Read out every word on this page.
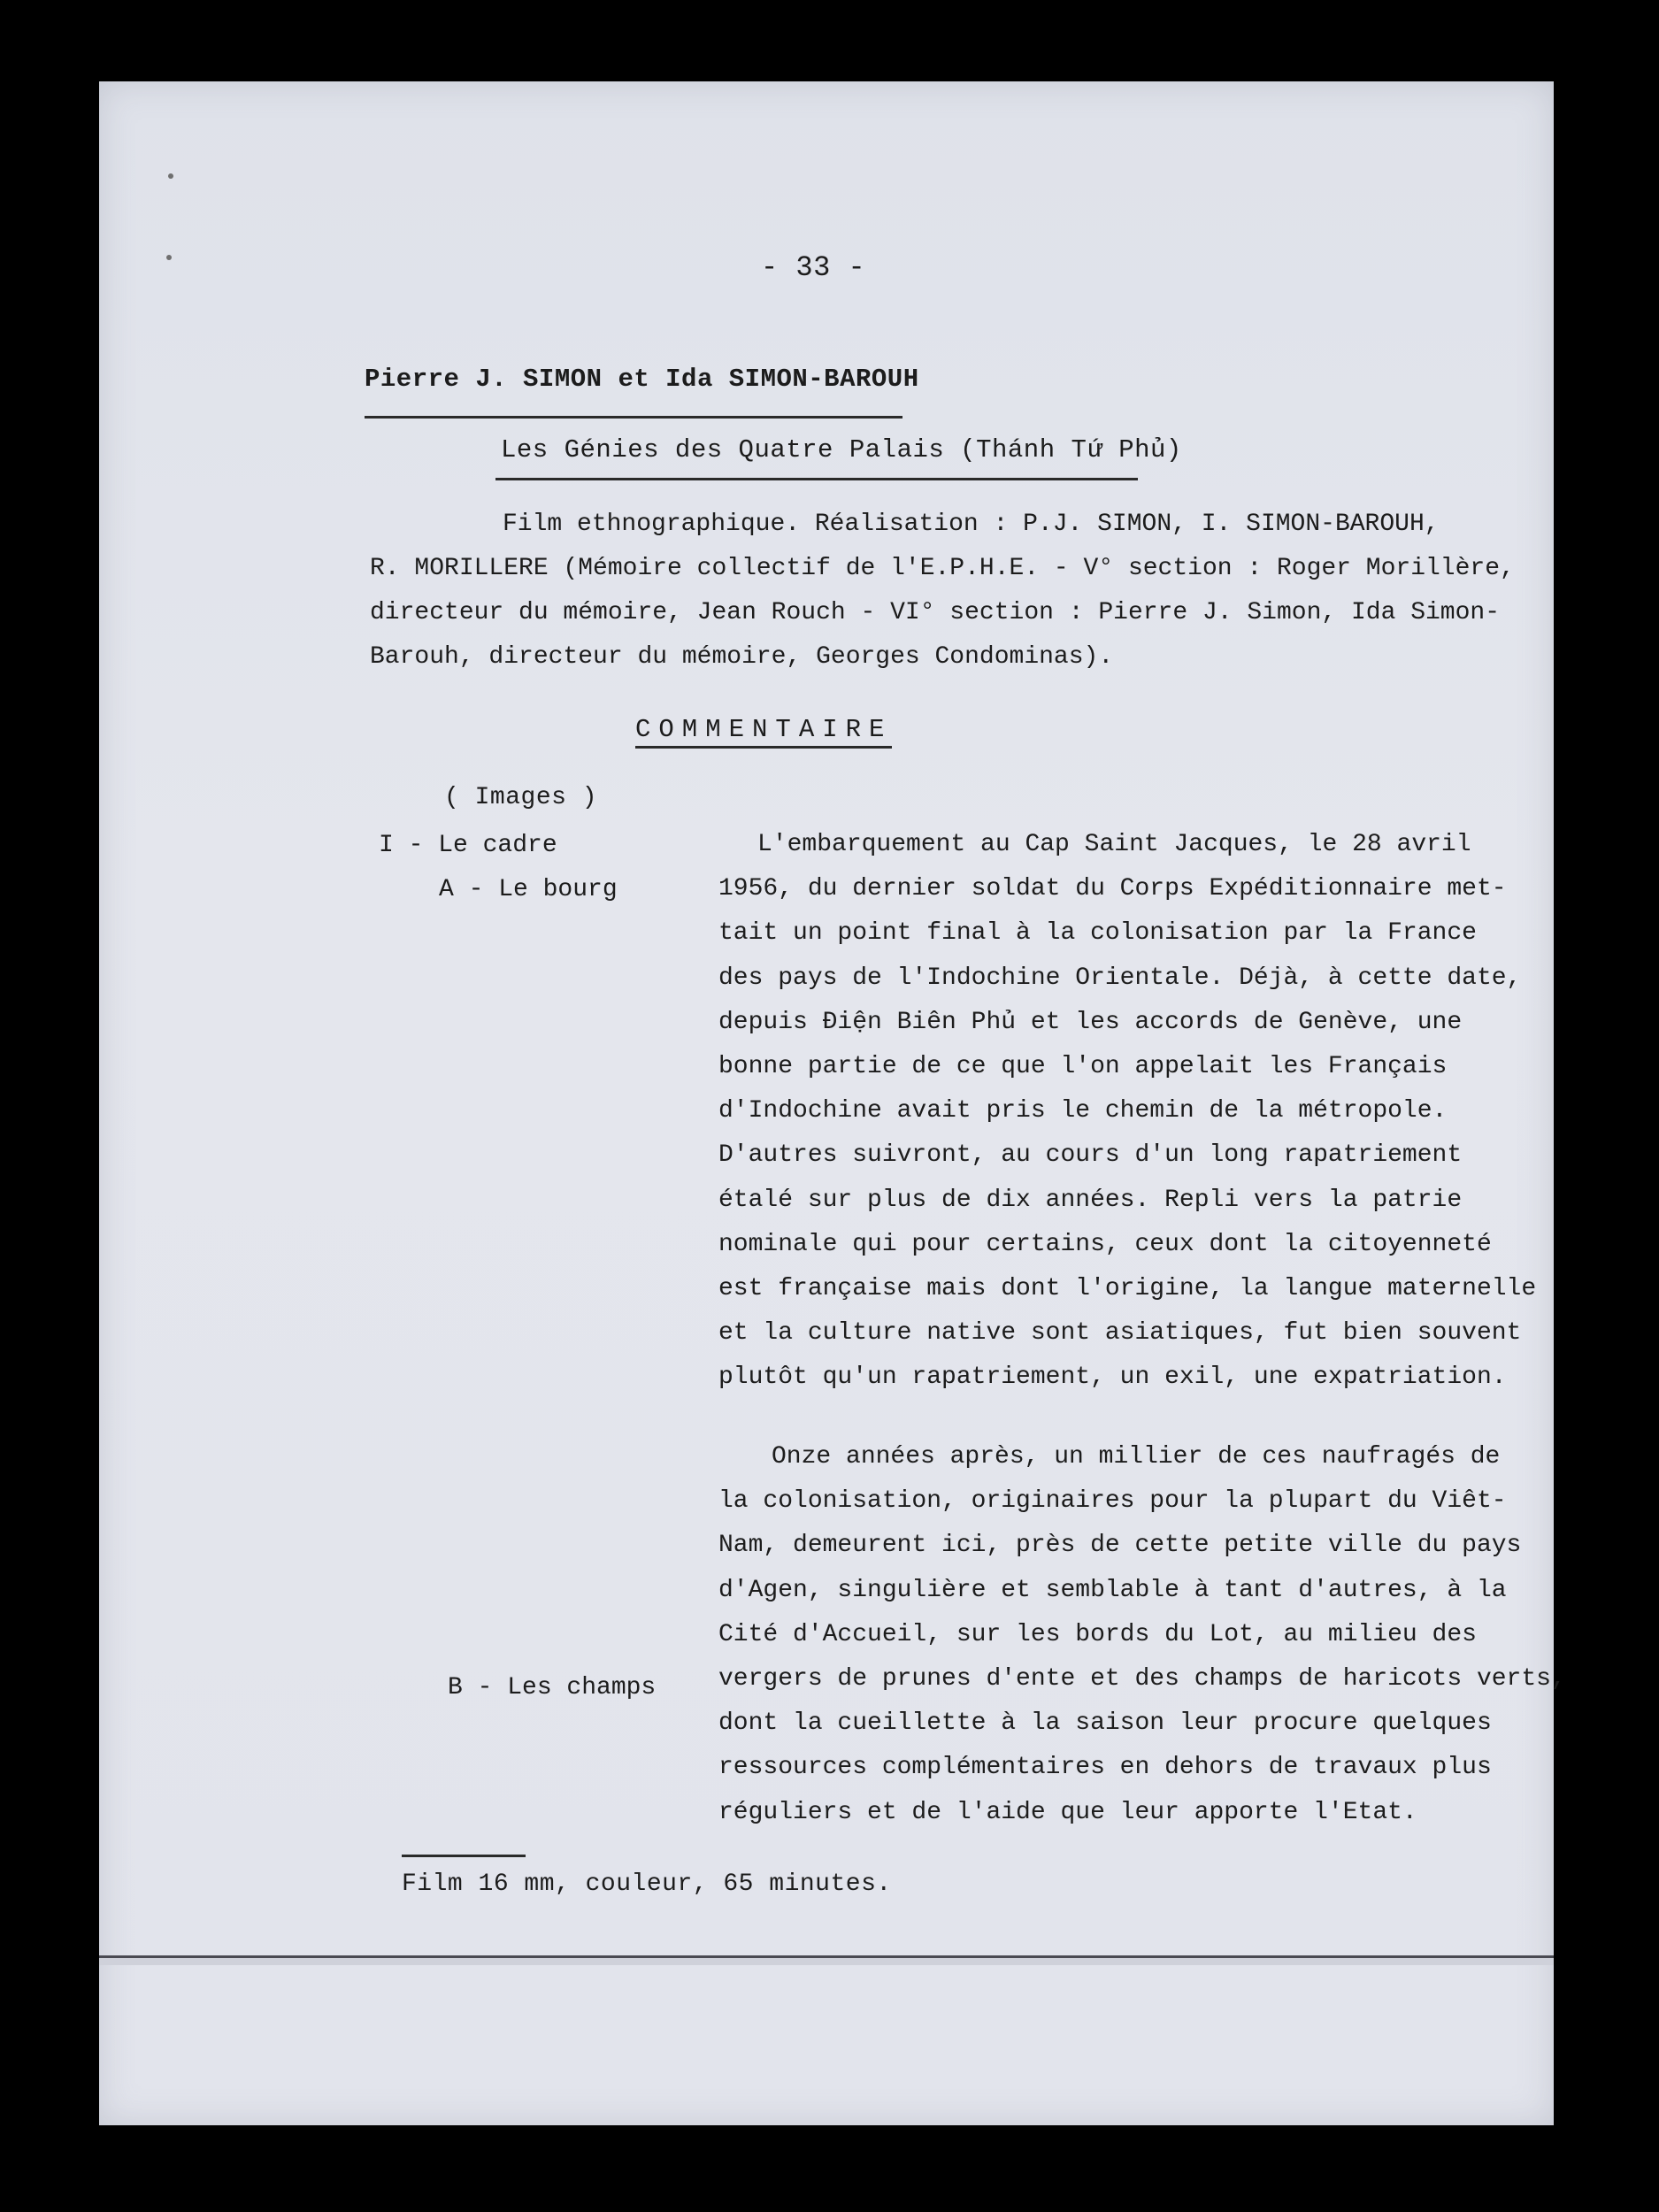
- 33 -
Pierre J. SIMON et Ida SIMON-BAROUH
Les Génies des Quatre Palais (Thánh Tứ Phủ)
Film ethnographique. Réalisation : P.J. SIMON, I. SIMON-BAROUH,
R. MORILLERE (Mémoire collectif de l'E.P.H.E. - V° section : Roger Morillère,
directeur du mémoire, Jean Rouch - VI° section : Pierre J. Simon, Ida Simon-
Barouh, directeur du mémoire, Georges Condominas).
COMMENTAIRE
( Images )
I - Le cadre
A - Le bourg
B - Les champs
L'embarquement au Cap Saint Jacques, le 28 avril
1956, du dernier soldat du Corps Expéditionnaire met-
tait un point final à la colonisation par la France
des pays de l'Indochine Orientale. Déjà, à cette date,
depuis Điện Biên Phủ et les accords de Genève, une
bonne partie de ce que l'on appelait les Français
d'Indochine avait pris le chemin de la métropole.
D'autres suivront, au cours d'un long rapatriement
étalé sur plus de dix années. Repli vers la patrie
nominale qui pour certains, ceux dont la citoyenneté
est française mais dont l'origine, la langue maternelle
et la culture native sont asiatiques, fut bien souvent
plutôt qu'un rapatriement, un exil, une expatriation.
Onze années après, un millier de ces naufragés de
la colonisation, originaires pour la plupart du Viêt-
Nam, demeurent ici, près de cette petite ville du pays
d'Agen, singulière et semblable à tant d'autres, à la
Cité d'Accueil, sur les bords du Lot, au milieu des
vergers de prunes d'ente et des champs de haricots verts,
dont la cueillette à la saison leur procure quelques
ressources complémentaires en dehors de travaux plus
réguliers et de l'aide que leur apporte l'Etat.
Film 16 mm, couleur, 65 minutes.
